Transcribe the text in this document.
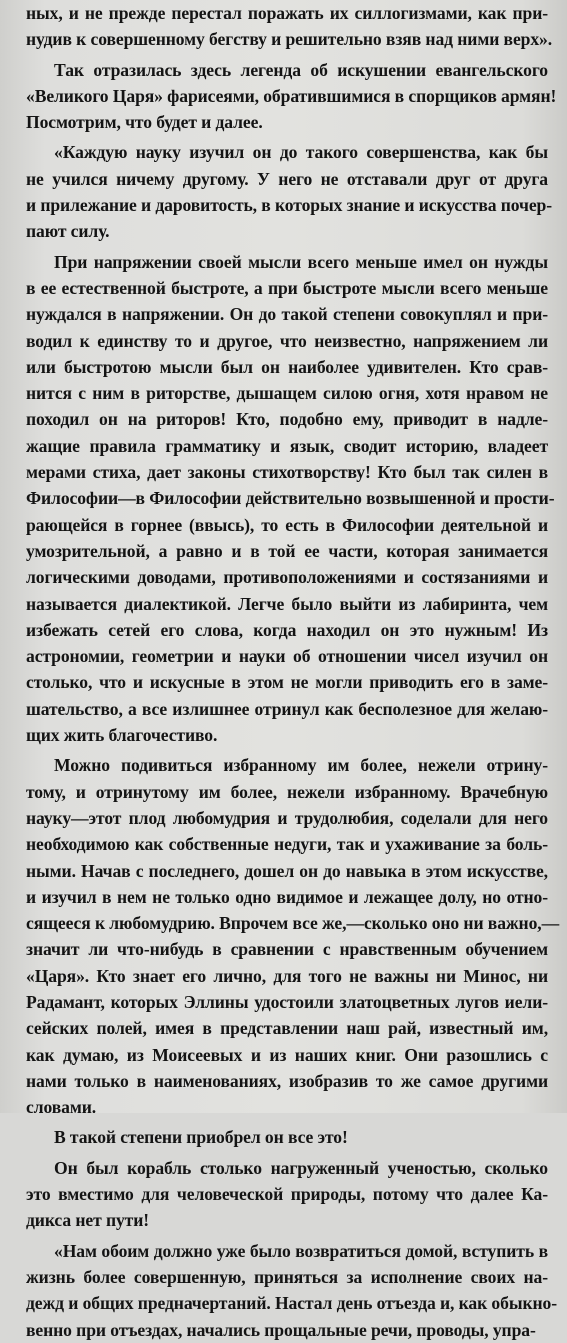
ных, и не прежде перестал поражать их силлогизмами, как при-
нудив к совершенному бегству и решительно взяв над ними верх».
Так отразилась здесь легенда об искушении евангельского
«Великого Царя» фарисеями, обратившимися в спорщиков армян!
Посмотрим, что будет и далее.
«Каждую науку изучил он до такого совершенства, как бы
не учился ничему другому. У него не отставали друг от друга
и прилежание и даровитость, в которых знание и искусства почер-
пают силу.
При напряжении своей мысли всего меньше имел он нужды
в ее естественной быстроте, а при быстроте мысли всего меньше
нуждался в напряжении. Он до такой степени совокуплял и при-
водил к единству то и другое, что неизвестно, напряжением ли
или быстротою мысли был он наиболее удивителен. Кто срав-
нится с ним в риторстве, дышащем силою огня, хотя нравом не
походил он на риторов! Кто, подобно ему, приводит в надле-
жащие правила грамматику и язык, сводит историю, владеет
мерами стиха, дает законы стихотворству! Кто был так силен в
Философии—в Философии действительно возвышенной и прости-
рающейся в горнее (ввысь), то есть в Философии деятельной и
умозрительной, а равно и в той ее части, которая занимается
логическими доводами, противоположениями и состязаниями и
называется диалектикой. Легче было выйти из лабиринта, чем
избежать сетей его слова, когда находил он это нужным! Из
астрономии, геометрии и науки об отношении чисел изучил он
столько, что и искусные в этом не могли приводить его в заме-
шательство, а все излишнее отринул как бесполезное для желаю-
щих жить благочестиво.
Можно подивиться избранному им более, нежели отрину-
тому, и отринутому им более, нежели избранному. Врачебную
науку—этот плод любомудрия и трудолюбия, соделали для него
необходимою как собственные недуги, так и ухаживание за боль-
ными. Начав с последнего, дошел он до навыка в этом искусстве,
и изучил в нем не только одно видимое и лежащее долу, но отно-
сящееся к любомудрию. Впрочем все же,—сколько оно ни важно,—
значит ли что-нибудь в сравнении с нравственным обучением
«Царя». Кто знает его лично, для того не важны ни Минос, ни
Радамант, которых Эллины удостоили златоцветных лугов иели-
сейских полей, имея в представлении наш рай, известный им,
как думаю, из Моисеевых и из наших книг. Они разошлись с
нами только в наименованиях, изобразив то же самое другими
словами.
В такой степени приобрел он все это!
Он был корабль столько нагруженный ученостью, сколько
это вместимо для человеческой природы, потому что далее Ка-
дикса нет пути!
«Нам обоим должно уже было возвратиться домой, вступить в
жизнь более совершенную, приняться за исполнение своих на-
дежд и общих предначертаний. Настал день отъезда и, как обыкно-
венно при отъездах, начались прощальные речи, проводы, упра-
